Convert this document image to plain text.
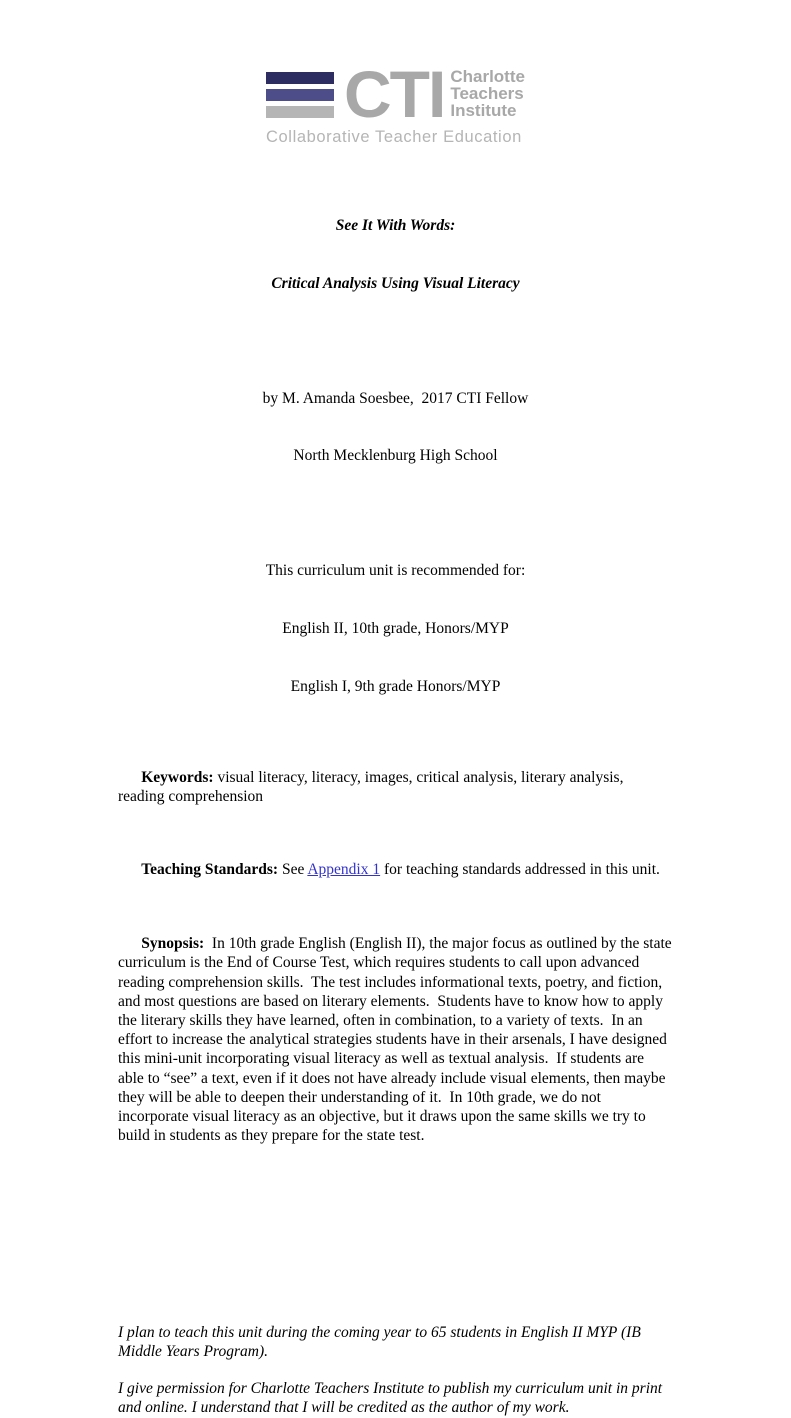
CTI Charlotte
Teachers
Institute
Collaborative Teacher Education

See It With Words:

Critical Analysis Using Visual Literacy

by M. Amanda Soesbee,  2017 CTI Fellow

North Mecklenburg High School

This curriculum unit is recommended for:

English II, 10th grade, Honors/MYP

English I, 9th grade Honors/MYP

Keywords: visual literacy, literacy, images, critical analysis, literary analysis, reading comprehension

Teaching Standards: See Appendix 1 for teaching standards addressed in this unit.

Synopsis:  In 10th grade English (English II), the major focus as outlined by the state curriculum is the End of Course Test, which requires students to call upon advanced reading comprehension skills.  The test includes informational texts, poetry, and fiction, and most questions are based on literary elements.  Students have to know how to apply the literary skills they have learned, often in combination, to a variety of texts.  In an effort to increase the analytical strategies students have in their arsenals, I have designed this mini-unit incorporating visual literacy as well as textual analysis.  If students are able to “see” a text, even if it does not have already include visual elements, then maybe they will be able to deepen their understanding of it.  In 10th grade, we do not incorporate visual literacy as an objective, but it draws upon the same skills we try to build in students as they prepare for the state test.

I plan to teach this unit during the coming year to 65 students in English II MYP (IB Middle Years Program).

I give permission for Charlotte Teachers Institute to publish my curriculum unit in print and online. I understand that I will be credited as the author of my work.
